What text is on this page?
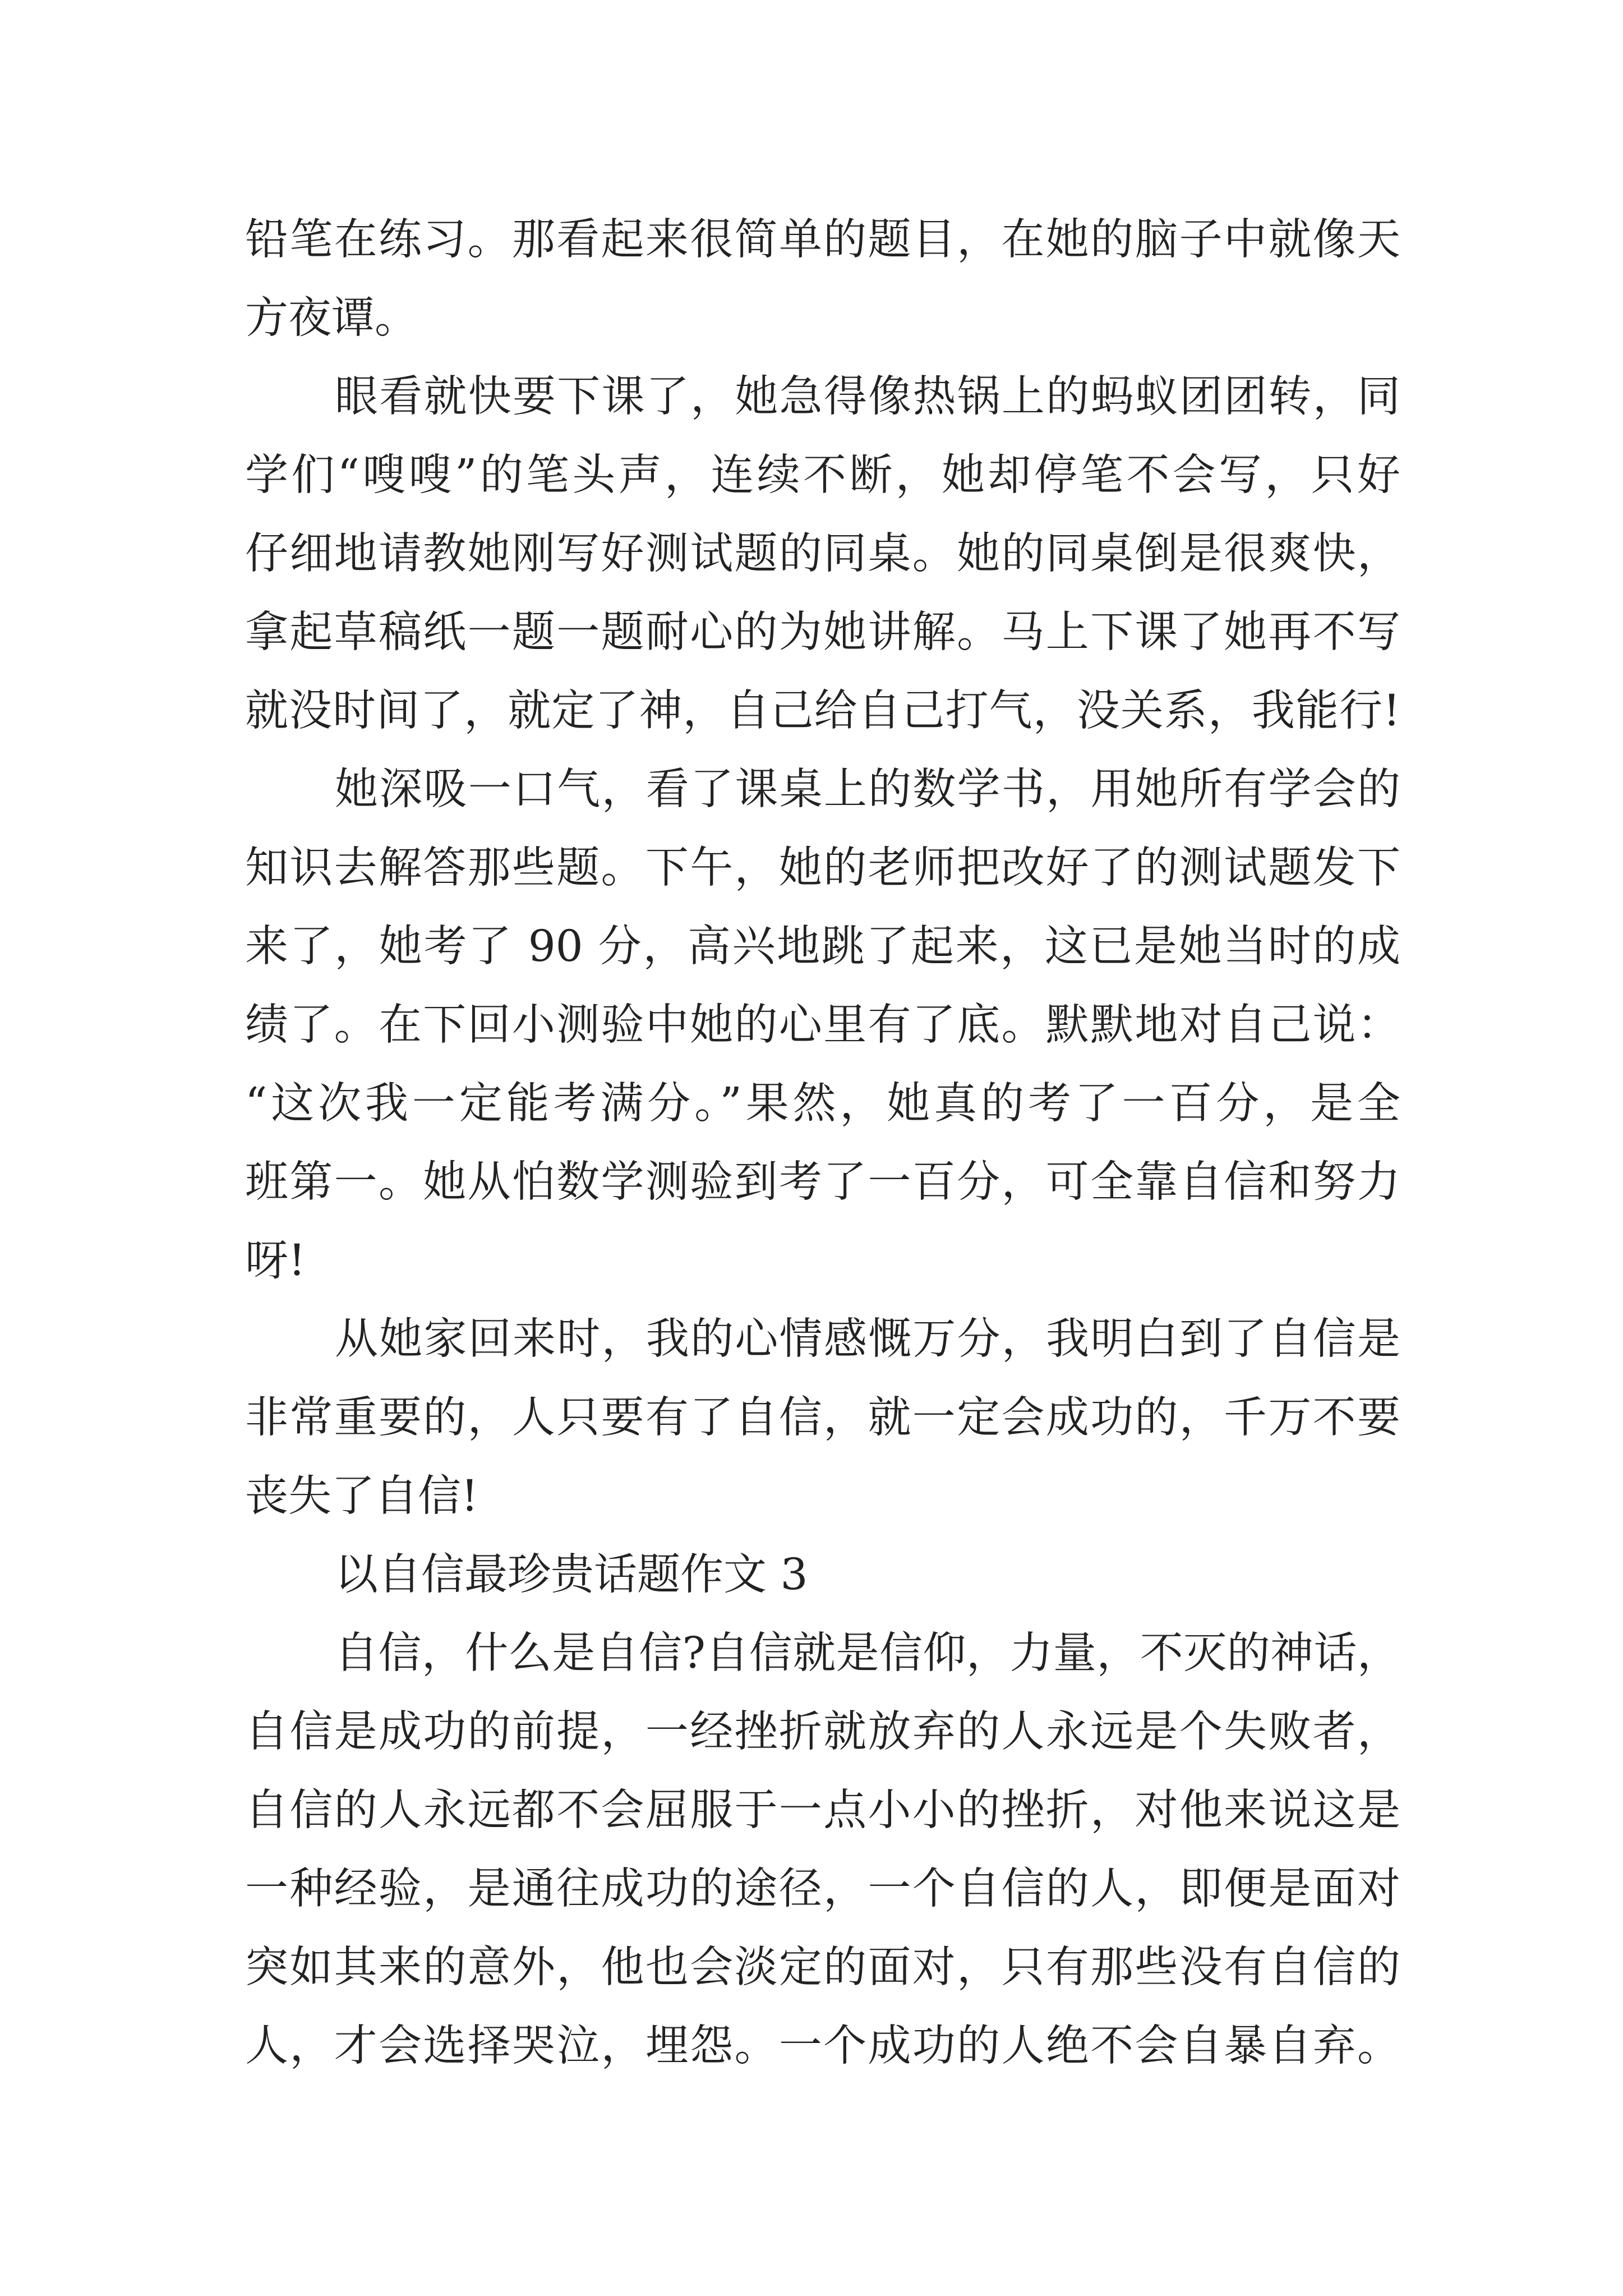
铅笔在练习。那看起来很简单的题目，在她的脑子中就像天
方夜谭。
眼看就快要下课了，她急得像热锅上的蚂蚁团团转，同
学们“嗖嗖”的笔头声，连续不断，她却停笔不会写，只好
仔细地请教她刚写好测试题的同桌。她的同桌倒是很爽快，
拿起草稿纸一题一题耐心的为她讲解。马上下课了她再不写
就没时间了，就定了神，自己给自己打气，没关系，我能行!
她深吸一口气，看了课桌上的数学书，用她所有学会的
知识去解答那些题。下午，她的老师把改好了的测试题发下
来了，她考了 90 分，高兴地跳了起来，这已是她当时的成
绩了。在下回小测验中她的心里有了底。默默地对自己说：
“这次我一定能考满分。”果然，她真的考了一百分，是全
班第一。她从怕数学测验到考了一百分，可全靠自信和努力
呀!
从她家回来时，我的心情感慨万分，我明白到了自信是
非常重要的，人只要有了自信，就一定会成功的，千万不要
丧失了自信!
以自信最珍贵话题作文 3
自信，什么是自信?自信就是信仰，力量，不灭的神话，
自信是成功的前提，一经挫折就放弃的人永远是个失败者，
自信的人永远都不会屈服于一点小小的挫折，对他来说这是
一种经验，是通往成功的途径，一个自信的人，即便是面对
突如其来的意外，他也会淡定的面对，只有那些没有自信的
人，才会选择哭泣，埋怨。一个成功的人绝不会自暴自弃。
